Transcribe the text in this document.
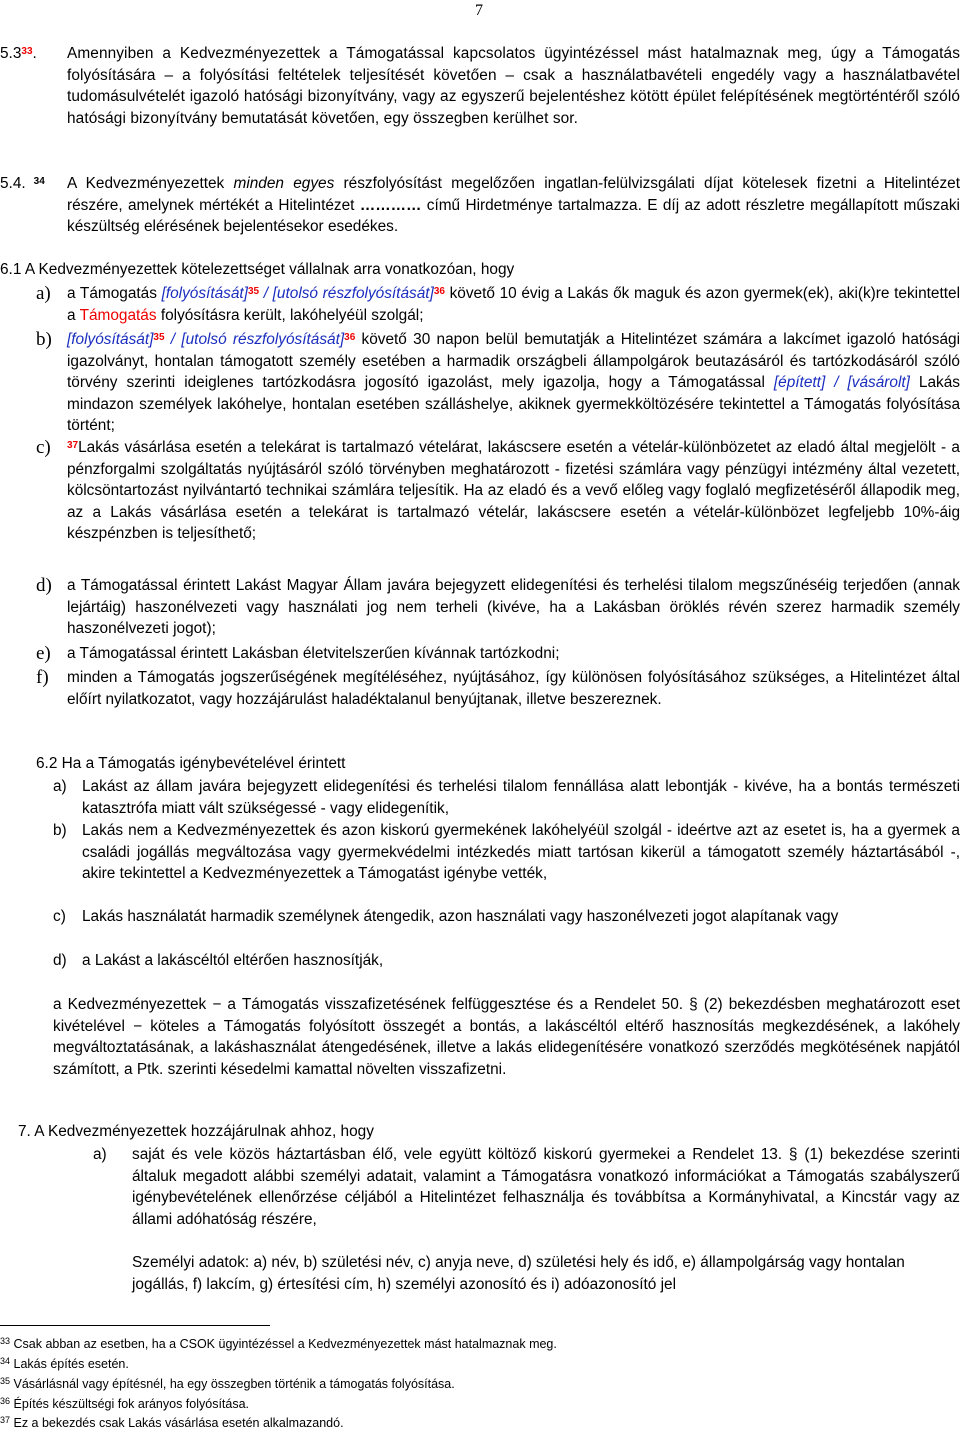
7
$5.3^{33}$. Amennyiben a Kedvezményezettek a Támogatással kapcsolatos ügyintézéssel mást hatalmaznak meg, úgy a Támogatás folyósítására – a folyósítási feltételek teljesítését követően – csak a használatbavételi engedély vagy a használatbavétel tudomásulvételét igazoló hatósági bizonyítvány, vagy az egyszerű bejelentéshez kötött épület felépítésének megtörténtéről szóló hatósági bizonyítvány bemutatását követően, egy összegben kerülhet sor.

5.4. $^{34}$ A Kedvezményezettek minden egyes részfolyósítást megelőzően ingatlan-felülvizsgálati díjat kötelesek fizetni a Hitelintézet részére, amelynek mértékét a Hitelintézet ………… című Hirdetménye tartalmazza. E díj az adott részletre megállapított műszaki készültség elérésének bejelentésekor esedékes.

6.1 A Kedvezményezettek kötelezettséget vállalnak arra vonatkozóan, hogy

a) a Támogatás [folyósítását]$^{35}$ / [utolsó részfolyósítását]$^{36}$ követő 10 évig a Lakás ők maguk és azon gyermek(ek), aki(k)re tekintettel a Támogatás folyósításra került, lakóhelyéül szolgál;

b) [folyósítását]$^{35}$ / [utolsó részfolyósítását]$^{36}$ követő 30 napon belül bemutatják a Hitelintézet számára a lakcímet igazoló hatósági igazolványt, hontalan támogatott személy esetében a harmadik országbeli állampolgárok beutazásáról és tartózkodásáról szóló törvény szerinti ideiglenes tartózkodásra jogosító igazolást, mely igazolja, hogy a Támogatással [épített] / [vásárolt] Lakás mindazon személyek lakóhelye, hontalan esetében szálláshelye, akiknek gyermekköltözésére tekintettel a Támogatás folyósítása történt;

c) $^{37}$Lakás vásárlása esetén a telekárat is tartalmazó vételárat, lakáscsere esetén a vételár-különbözetet az eladó által megjelölt - a pénzforgalmi szolgáltatás nyújtásáról szóló törvényben meghatározott - fizetési számlára vagy pénzügyi intézmény által vezetett, kölcsöntartozást nyilvántartó technikai számlára teljesítik. Ha az eladó és a vevő előleg vagy foglaló megfizetéséről állapodik meg, az a Lakás vásárlása esetén a telekárat is tartalmazó vételár, lakáscsere esetén a vételár-különbözet legfeljebb 10%-áig készpénzben is teljesíthető;

d) a Támogatással érintett Lakást Magyar Állam javára bejegyzett elidegenítési és terhelési tilalom megszűnéséig terjedően (annak lejártáig) haszonélvezeti vagy használati jog nem terheli (kivéve, ha a Lakásban öröklés révén szerez harmadik személy haszonélvezeti jogot);

e) a Támogatással érintett Lakásban életvitelszerűen kívánnak tartózkodni;

f) minden a Támogatás jogszerűségének megítéléséhez, nyújtásához, így különösen folyósításához szükséges, a Hitelintézet által előírt nyilatkozatot, vagy hozzájárulást haladéktalanul benyújtanak, illetve beszereznek.

6.2 Ha a Támogatás igénybevételével érintett

a) Lakást az állam javára bejegyzett elidegenítési és terhelési tilalom fennállása alatt lebontják - kivéve, ha a bontás természeti katasztrófa miatt vált szükségessé - vagy elidegenítik,

b) Lakás nem a Kedvezményezettek és azon kiskorú gyermekének lakóhelyéül szolgál - ideértve azt az esetet is, ha a gyermek a családi jogállás megváltozása vagy gyermekvédelmi intézkedés miatt tartósan kikerül a támogatott személy háztartásából -, akire tekintettel a Kedvezményezettek a Támogatást igénybe vették,

c) Lakás használatát harmadik személynek átengedik, azon használati vagy haszonélvezeti jogot alapítanak vagy

d) a Lakást a lakáscéltól eltérően hasznosítják,

a Kedvezményezettek − a Támogatás visszafizetésének felfüggesztése és a Rendelet 50. § (2) bekezdésben meghatározott eset kivételével − köteles a Támogatás folyósított összegét a bontás, a lakáscéltól eltérő hasznosítás megkezdésének, a lakóhely megváltoztatásának, a lakáshasználat átengedésének, illetve a lakás elidegenítésére vonatkozó szerződés megkötésének napjától számított, a Ptk. szerinti késedelmi kamattal növelten visszafizetni.

7. A Kedvezményezettek hozzájárulnak ahhoz, hogy

a) saját és vele közös háztartásban élő, vele együtt költöző kiskorú gyermekei a Rendelet 13. § (1) bekezdése szerinti általuk megadott alábbi személyi adatait, valamint a Támogatásra vonatkozó információkat a Támogatás szabályszerű igénybevételének ellenőrzése céljából a Hitelintézet felhasználja és továbbítsa a Kormányhivatal, a Kincstár vagy az állami adóhatóság részére,

Személyi adatok: a) név, b) születési név, c) anyja neve, d) születési hely és idő, e) állampolgárság vagy hontalan jogállás, f) lakcím, g) értesítési cím, h) személyi azonosító és i) adóazonosító jel

$^{33}$ Csak abban az esetben, ha a CSOK ügyintézéssel a Kedvezményezettek mást hatalmaznak meg.
$^{34}$ Lakás építés esetén.
$^{35}$ Vásárlásnál vagy építésnél, ha egy összegben történik a támogatás folyósítása.
$^{36}$ Építés készültségi fok arányos folyósítása.
$^{37}$ Ez a bekezdés csak Lakás vásárlása esetén alkalmazandó.
